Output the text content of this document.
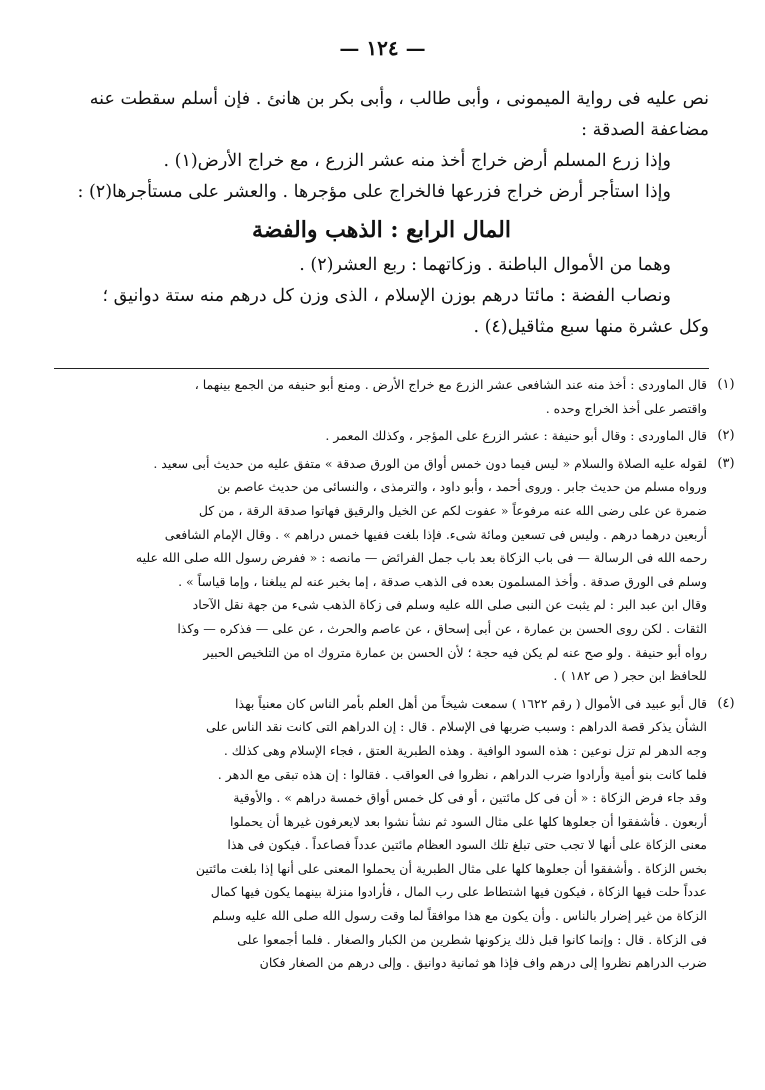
— ١٢٤ —
نص عليه فى رواية الميمونى ، وأبى طالب ، وأبى بكر بن هانئ . فإن أسلم سقطت عنه
مضاعفة الصدقة :
وإذا زرع المسلم أرض خراج أخذ منه عشر الزرع ، مع خراج الأرض(١) .
وإذا استأجر أرض خراج فزرعها فالخراج على مؤجرها . والعشر على مستأجرها(٢) :
المال الرابع : الذهب والفضة
وهما من الأموال الباطنة . وزكاتهما : ربع العشر(٢) .
ونصاب الفضة : مائتا درهم بوزن الإسلام ، الذى وزن كل درهم منه ستة دوانيق ؛
وكل عشرة منها سبع مثاقيل(٤) .
(١)
قال الماوردى : أخذ منه عند الشافعى عشر الزرع مع خراج الأرض . ومنع أبو حنيفه من الجمع بينهما ،
واقتصر على أخذ الخراج وحده .
(٢)
قال الماوردى : وقال أبو حنيفة : عشر الزرع على المؤجر ، وكذلك المعمر .
(٣)
لقوله عليه الصلاة والسلام « ليس فيما دون خمس أواق من الورق صدقة » متفق عليه من حديث أبى سعيد .
ورواه مسلم من حديث جابر . وروى أحمد ، وأبو داود ، والترمذى ، والنسائى من حديث عاصم بن
ضمرة عن على رضى الله عنه مرفوعاً « عفوت لكم عن الخيل والرقيق فهاتوا صدقة الرقة ، من كل
أربعين درهما درهم . وليس فى تسعين ومائة شىء. فإذا بلغت ففيها خمس دراهم » . وقال الإمام الشافعى
رحمه الله فى الرسالة — فى باب الزكاة بعد باب جمل الفرائض — مانصه : « ففرض رسول الله صلى الله عليه
وسلم فى الورق صدقة . وأخذ المسلمون بعده فى الذهب صدقة ، إما بخبر عنه لم يبلغنا ، وإما قياساً » .
وقال ابن عبد البر : لم يثبت عن النبى صلى الله عليه وسلم فى زكاة الذهب شىء من جهة نقل الآحاد
الثقات . لكن روى الحسن بن عمارة ، عن أبى إسحاق ، عن عاصم والحرث ، عن على — فذكره — وكذا
رواه أبو حنيفة . ولو صح عنه لم يكن فيه حجة ؛ لأن الحسن بن عمارة متروك اه من التلخيص الحبير
للحافظ ابن حجر ( ص ١٨٢ ) .
(٤)
قال أبو عبيد فى الأموال ( رقم ١٦٢٢ ) سمعت شيخاً من أهل العلم بأمر الناس كان معنياً بهذا
الشأن يذكر قصة الدراهم : وسبب ضربها فى الإسلام . قال : إن الدراهم التى كانت نقد الناس على
وجه الدهر لم تزل نوعين : هذه السود الوافية . وهذه الطبرية العتق ، فجاء الإسلام وهى كذلك .
فلما كانت بنو أمية وأرادوا ضرب الدراهم ، نظروا فى العواقب . فقالوا : إن هذه تبقى مع الدهر .
وقد جاء فرض الزكاة : « أن فى كل مائتين ، أو فى كل خمس أواق خمسة دراهم » . والأوقية
أربعون . فأشفقوا أن جعلوها كلها على مثال السود ثم نشأ نشوا بعد لايعرفون غيرها أن يحملوا
معنى الزكاة على أنها لا تجب حتى تبلغ تلك السود العظام مائتين عدداً فصاعداً . فيكون فى هذا
بخس الزكاة . وأشفقوا أن جعلوها كلها على مثال الطبرية أن يحملوا المعنى على أنها إذا بلغت مائتين
عدداً حلت فيها الزكاة ، فيكون فيها اشتطاط على رب المال ، فأرادوا منزلة بينهما يكون فيها كمال
الزكاة من غير إضرار بالناس . وأن يكون مع هذا موافقاً لما وقت رسول الله صلى الله عليه وسلم
فى الزكاة . قال : وإنما كانوا قبل ذلك يزكونها شطرين من الكبار والصغار . فلما أجمعوا على
ضرب الدراهم نظروا إلى درهم واف فإذا هو ثمانية دوانيق . وإلى درهم من الصغار فكان
